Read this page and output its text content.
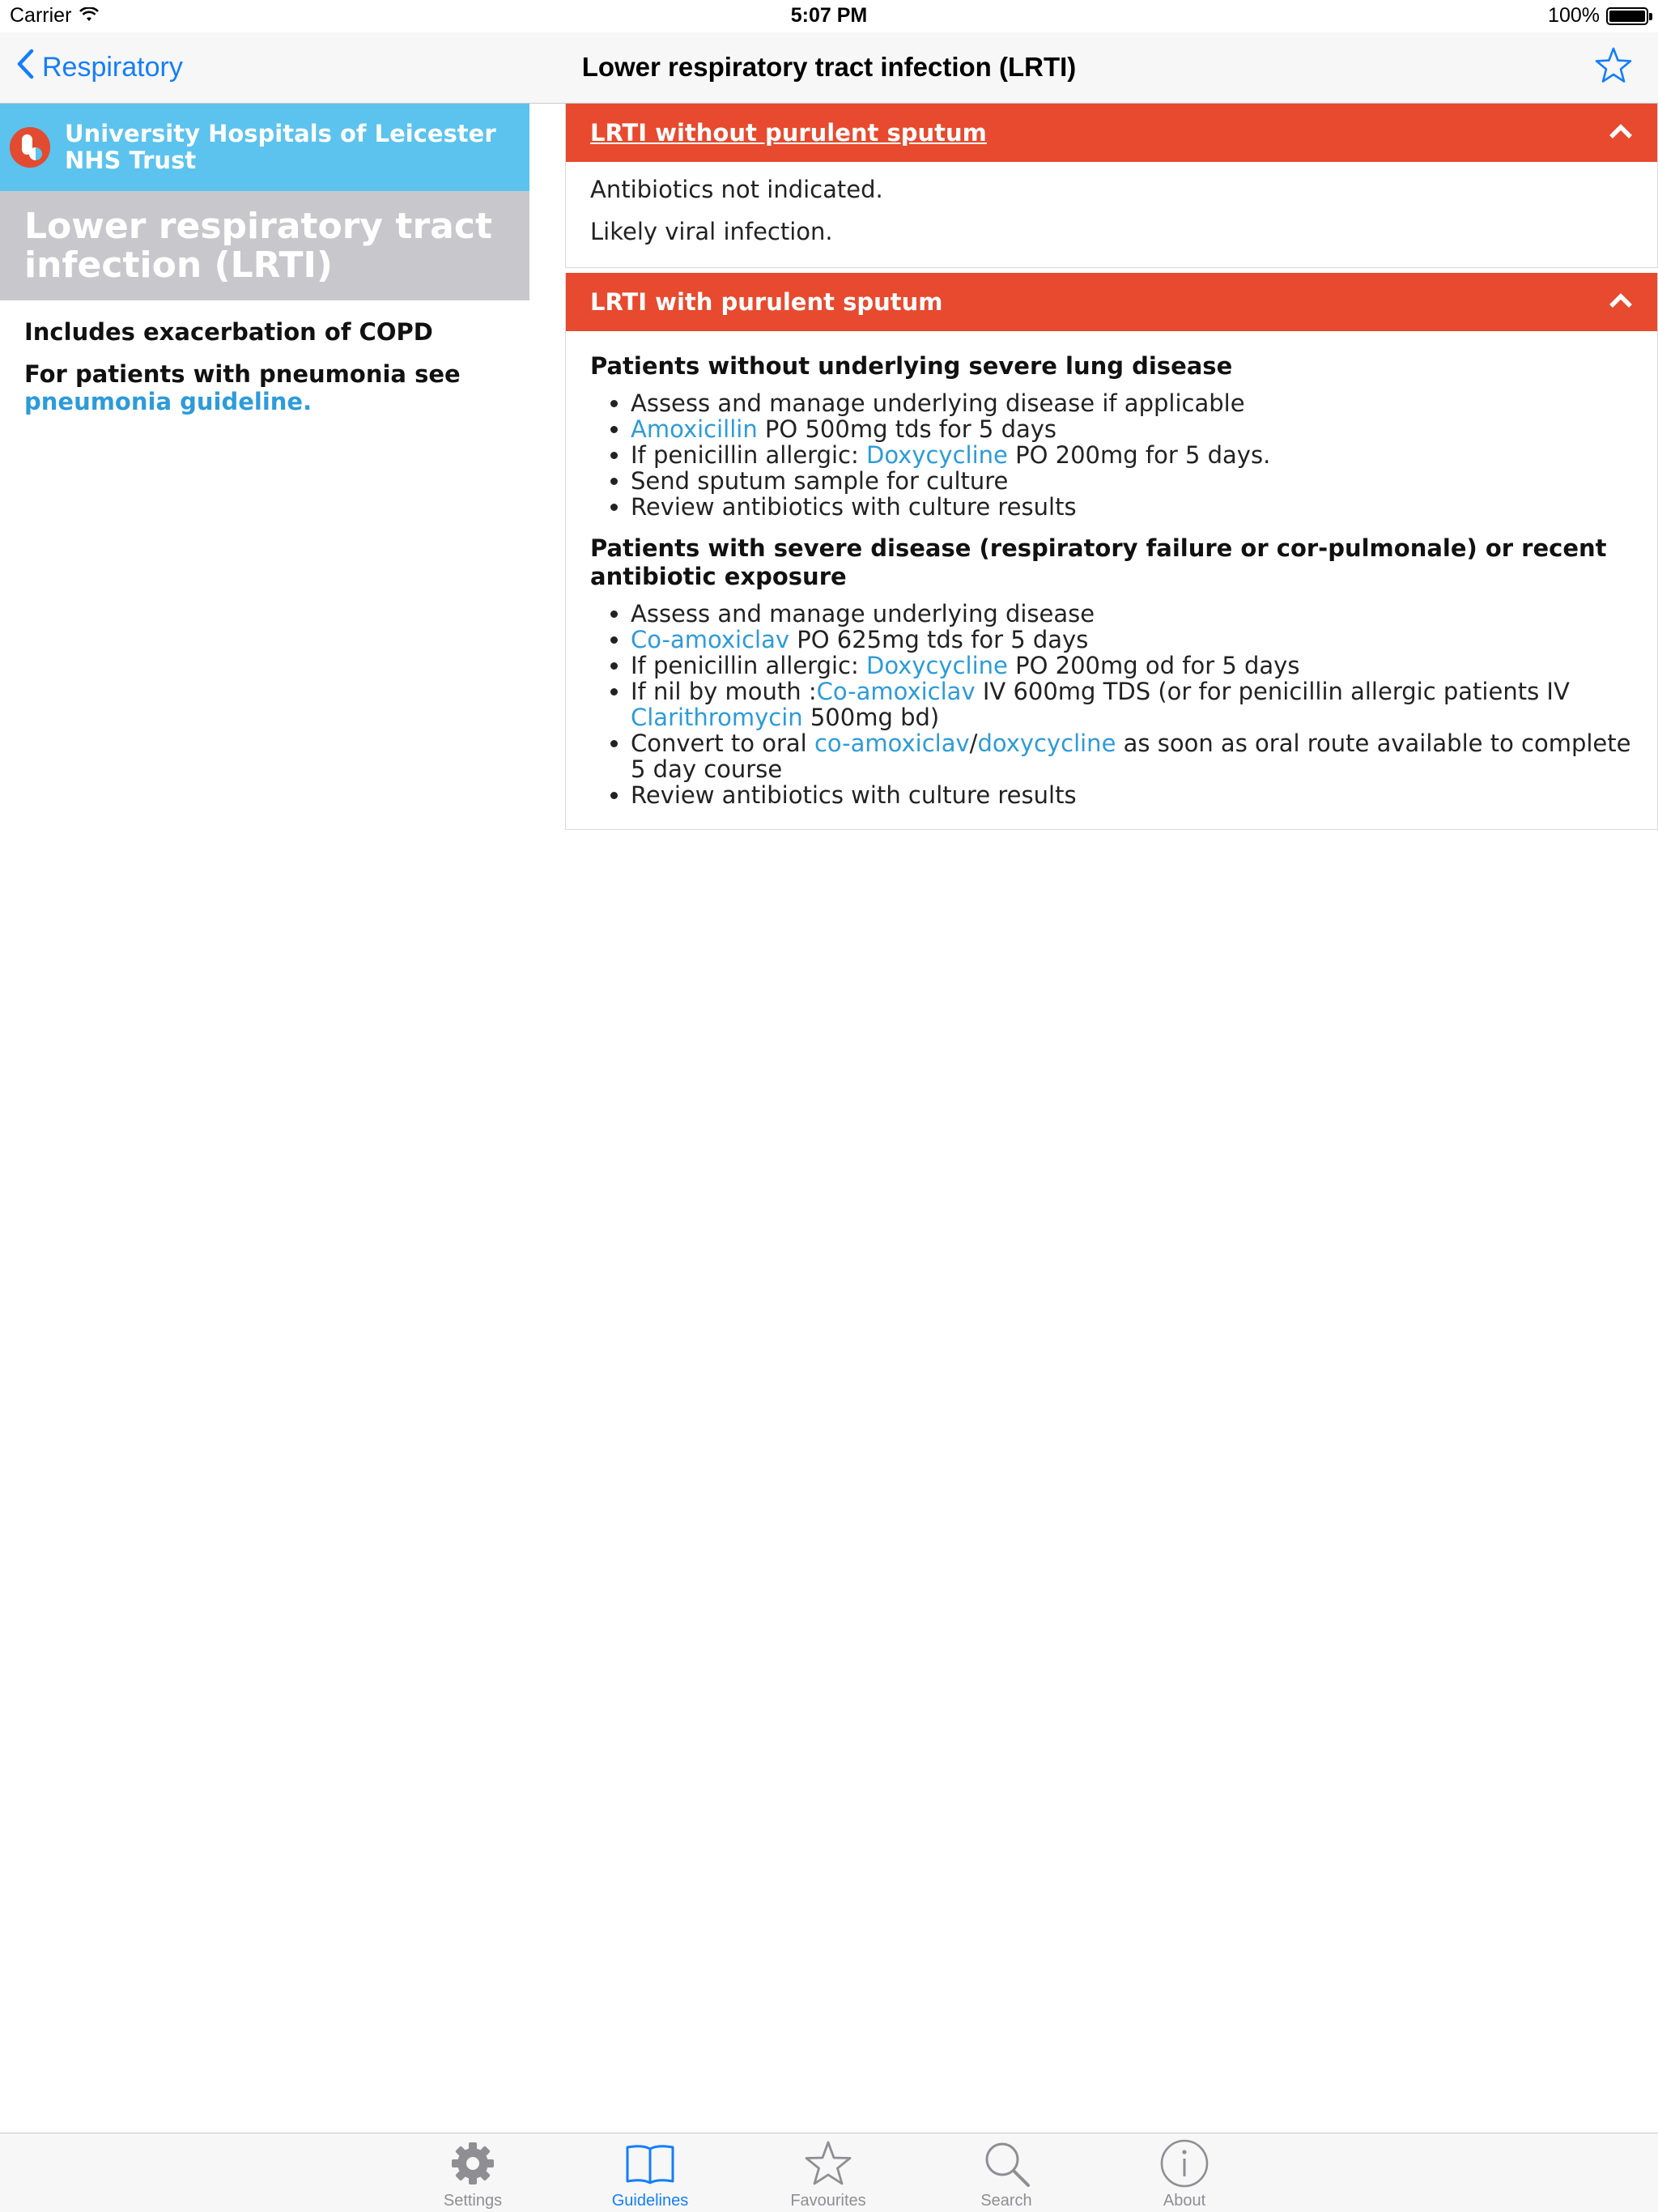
Carrier	5:07 PM	100%
Respiratory	Lower respiratory tract infection (LRTI)
University Hospitals of Leicester NHS Trust
Lower respiratory tract infection (LRTI)

Includes exacerbation of COPD

For patients with pneumonia see pneumonia guideline.

LRTI without purulent sputum

Antibiotics not indicated.

Likely viral infection.

LRTI with purulent sputum
Patients without underlying severe lung disease
• Assess and manage underlying disease if applicable
• Amoxicillin PO 500mg tds for 5 days
• If penicillin allergic: Doxycycline PO 200mg for 5 days.
• Send sputum sample for culture
• Review antibiotics with culture results
Patients with severe disease (respiratory failure or cor-pulmonale) or recent antibiotic exposure
• Assess and manage underlying disease
• Co-amoxiclav PO 625mg tds for 5 days
• If penicillin allergic: Doxycycline PO 200mg od for 5 days
• If nil by mouth :Co-amoxiclav IV 600mg TDS (or for penicillin allergic patients IV Clarithromycin 500mg bd)
• Convert to oral co-amoxiclav/doxycycline as soon as oral route available to complete 5 day course
• Review antibiotics with culture results
Settings	Guidelines	Favourites	Search	About
